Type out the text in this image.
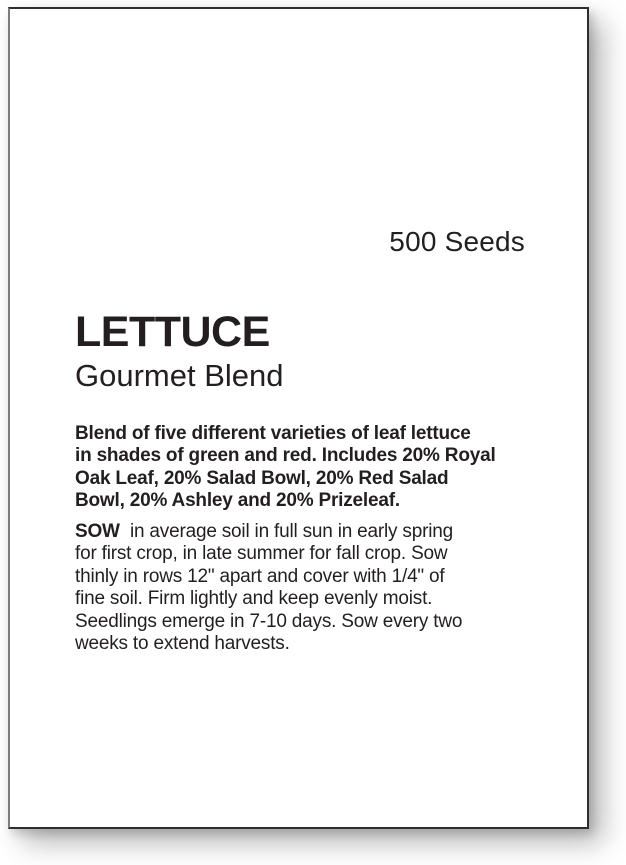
500 Seeds
LETTUCE
Gourmet Blend
Blend of five different varieties of leaf lettuce
in shades of green and red. Includes 20% Royal
Oak Leaf, 20% Salad Bowl, 20% Red Salad
Bowl, 20% Ashley and 20% Prizeleaf.
SOW  in average soil in full sun in early spring
for first crop, in late summer for fall crop. Sow
thinly in rows 12" apart and cover with 1/4" of
fine soil. Firm lightly and keep evenly moist.
Seedlings emerge in 7-10 days. Sow every two
weeks to extend harvests.
